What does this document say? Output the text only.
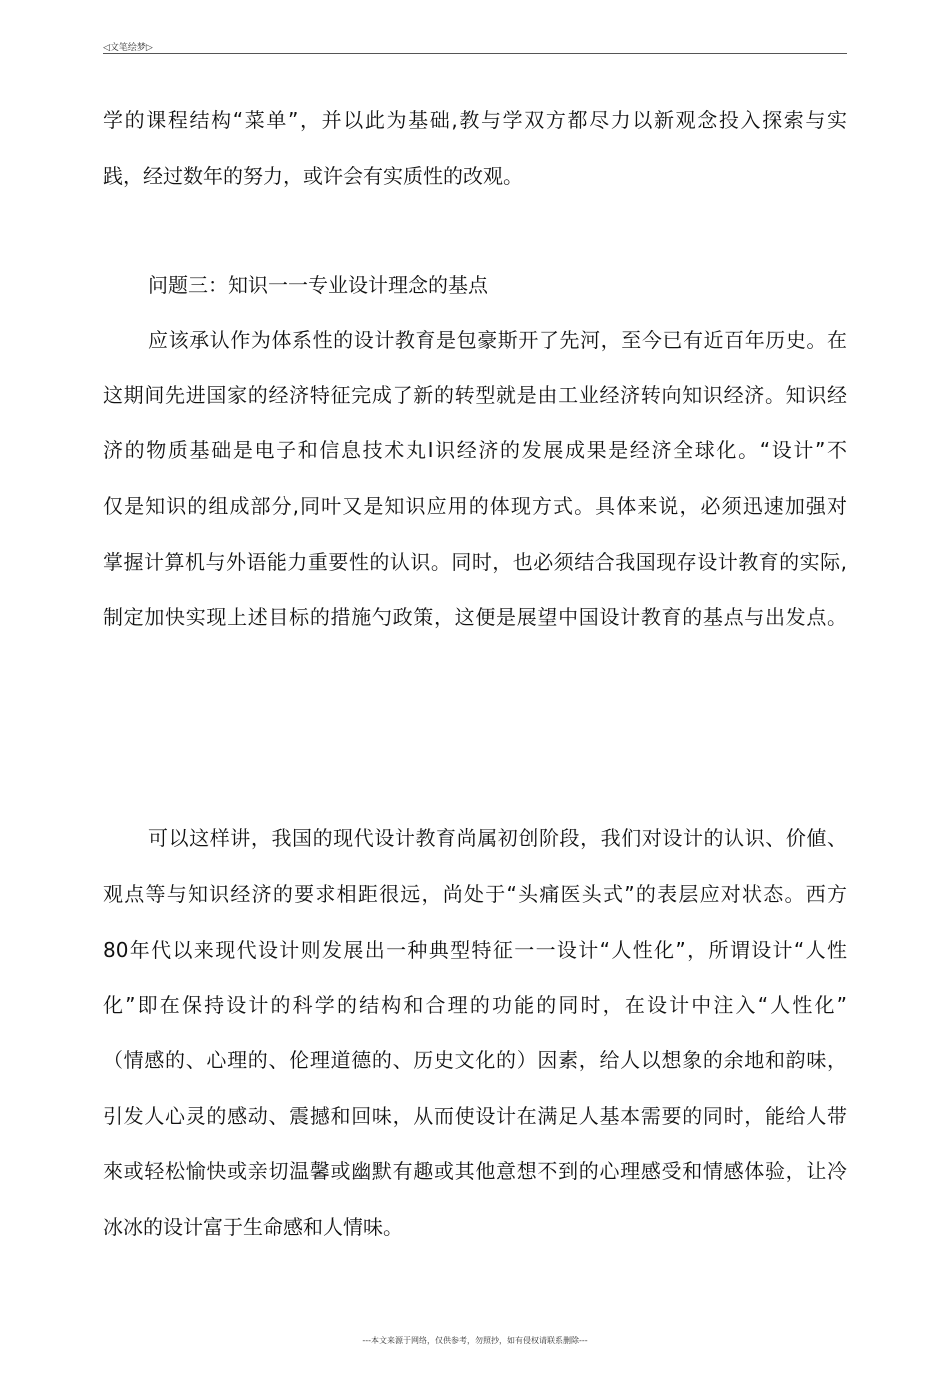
◁文笔绘梦▷
学的课程结构“菜单”，并以此为基础,教与学双方都尽力以新观念投入探索与实
践，经过数年的努力，或许会有实质性的改观。
问题三：知识一一专业设计理念的基点
应该承认作为体系性的设计教育是包豪斯开了先河，至今已有近百年历史。在
这期间先进国家的经济特征完成了新的转型就是由工业经济转向知识经济。知识经
济的物质基础是电子和信息技术丸I识经济的发展成果是经济全球化。“设计”不
仅是知识的组成部分,同叶又是知识应用的体现方式。具体来说，必须迅速加强对
掌握计算机与外语能力重要性的认识。同时，也必须结合我国现存设计教育的实际,
制定加快实现上述目标的措施勺政策，这便是展望中国设计教育的基点与出发点。
可以这样讲，我国的现代设计教育尚属初创阶段，我们对设计的认识、价値、
观点等与知识经济的要求相距很远，尚处于“头痛医头式”的表层应对状态。西方
80年代以来现代设计则发展出一种典型特征一一设计“人性化”，所谓设计“人性
化”即在保持设计的科学的结构和合理的功能的同时，在设计中注入“人性化”
（情感的、心理的、伦理道德的、历史文化的）因素，给人以想象的余地和韵味，
引发人心灵的感动、震撼和回味，从而使设计在满足人基本需要的同时，能给人带
來或轻松愉快或亲切温馨或幽默有趣或其他意想不到的心理感受和情感体验，让冷
冰冰的设计富于生命感和人情味。
---本文来源于网络，仅供参考，勿照抄，如有侵权请联系删除---
